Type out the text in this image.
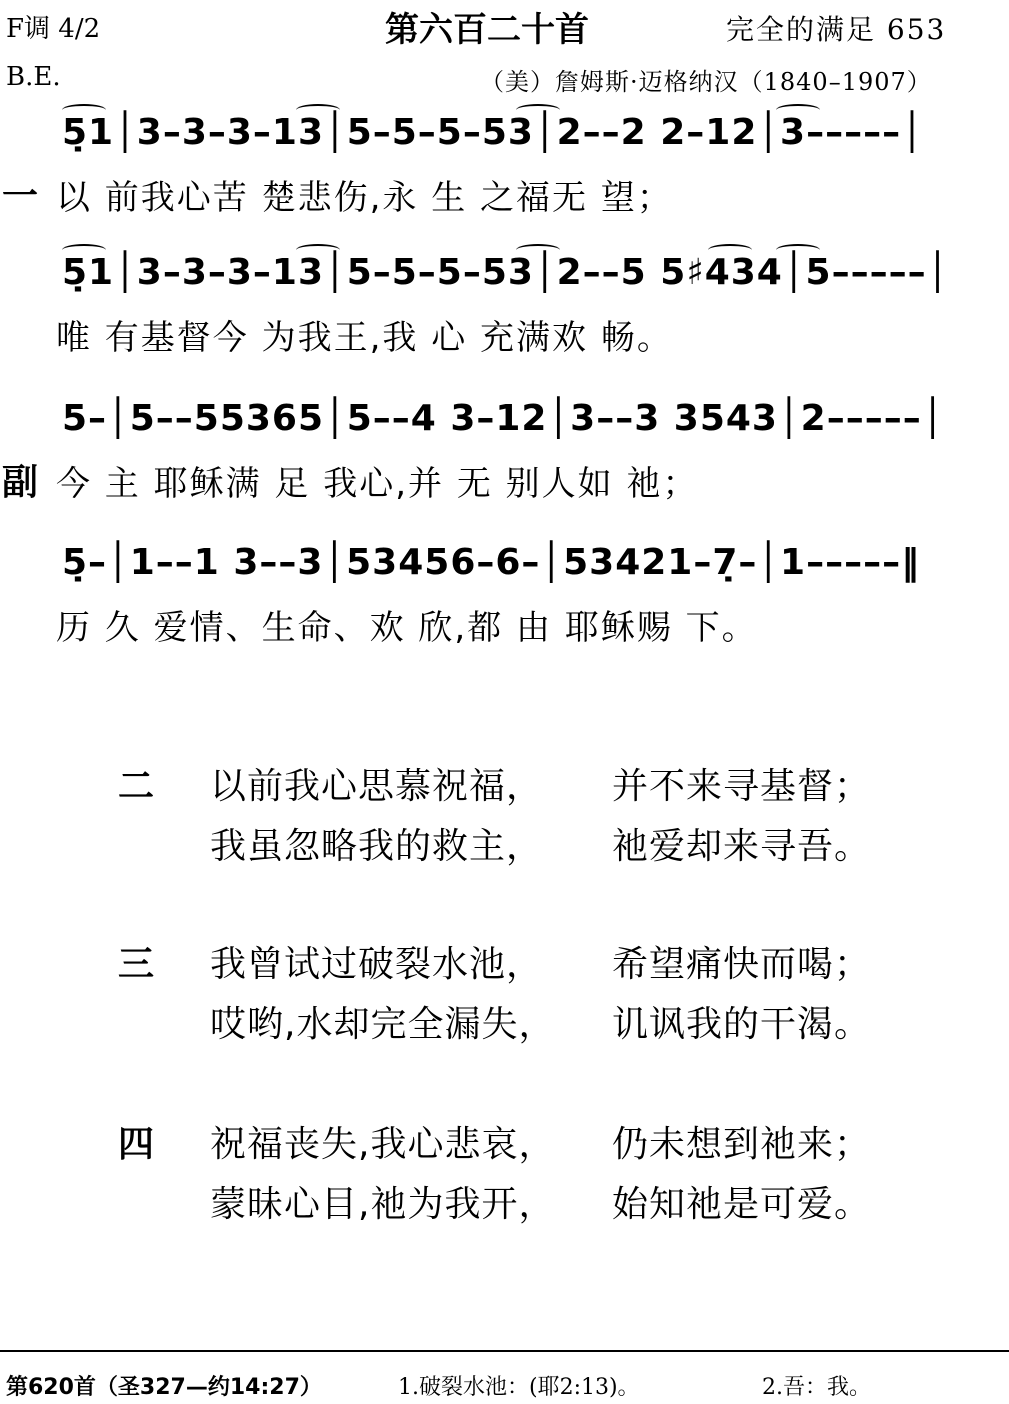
F调 4/2	第六百二十首	完全的满足 653
B.E.	（美）詹姆斯·迈格纳汉（1840–1907）
5̣1│3–3–3–13│5–5–5–53│2––2 2–12│3–––––│
一 以 前我心苦 楚悲伤,永 生 之福无 望；
5̣1│3–3–3–13│5–5–5–53│2––5 5♯434│5–––––│
唯 有基督今 为我王,我 心 充满欢 畅。
5–│5––55365│5––4 3–12│3––3 3543│2–––––│
副 今 主 耶稣满 足 我心,并 无 别人如 祂；
5̣–│1––1 3––3│53456–6–│53421–7̣–│1–––––‖
历 久 爱情、生命、欢 欣,都 由 耶稣赐 下。
二 以前我心思慕祝福， 并不来寻基督；
我虽忽略我的救主， 祂爱却来寻吾。
三 我曾试过破裂水池， 希望痛快而喝；
哎哟,水却完全漏失， 讥讽我的干渴。
四 祝福丧失,我心悲哀， 仍未想到祂来；
蒙昧心目,祂为我开， 始知祂是可爱。
第620首（圣327—约14:27）	1.破裂水池：(耶2:13)。	2.吾：我。
